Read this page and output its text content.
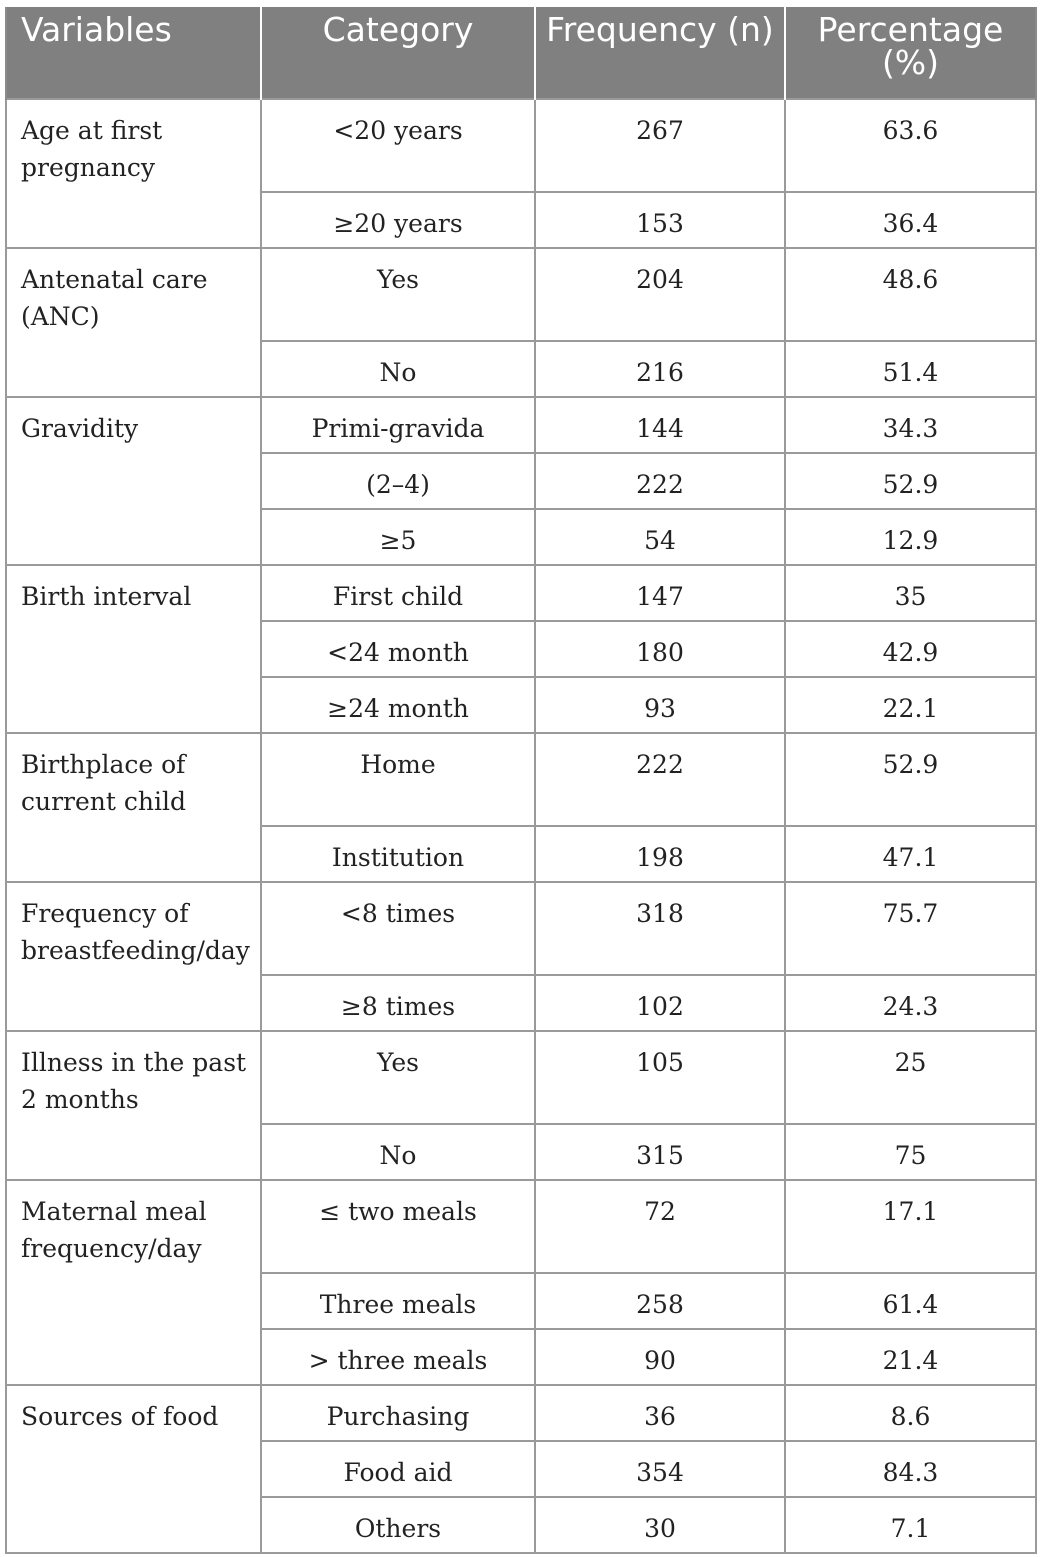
Variables	Category	Frequency (n)	Percentage (%)
Age at first pregnancy	<20 years	267	63.6
	≥20 years	153	36.4
Antenatal care (ANC)	Yes	204	48.6
	No	216	51.4
Gravidity	Primi-gravida	144	34.3
	(2–4)	222	52.9
	≥5	54	12.9
Birth interval	First child	147	35
	<24 month	180	42.9
	≥24 month	93	22.1
Birthplace of current child	Home	222	52.9
	Institution	198	47.1
Frequency of breastfeeding/day	<8 times	318	75.7
	≥8 times	102	24.3
Illness in the past 2 months	Yes	105	25
	No	315	75
Maternal meal frequency/day	≤ two meals	72	17.1
	Three meals	258	61.4
	> three meals	90	21.4
Sources of food	Purchasing	36	8.6
	Food aid	354	84.3
	Others	30	7.1
